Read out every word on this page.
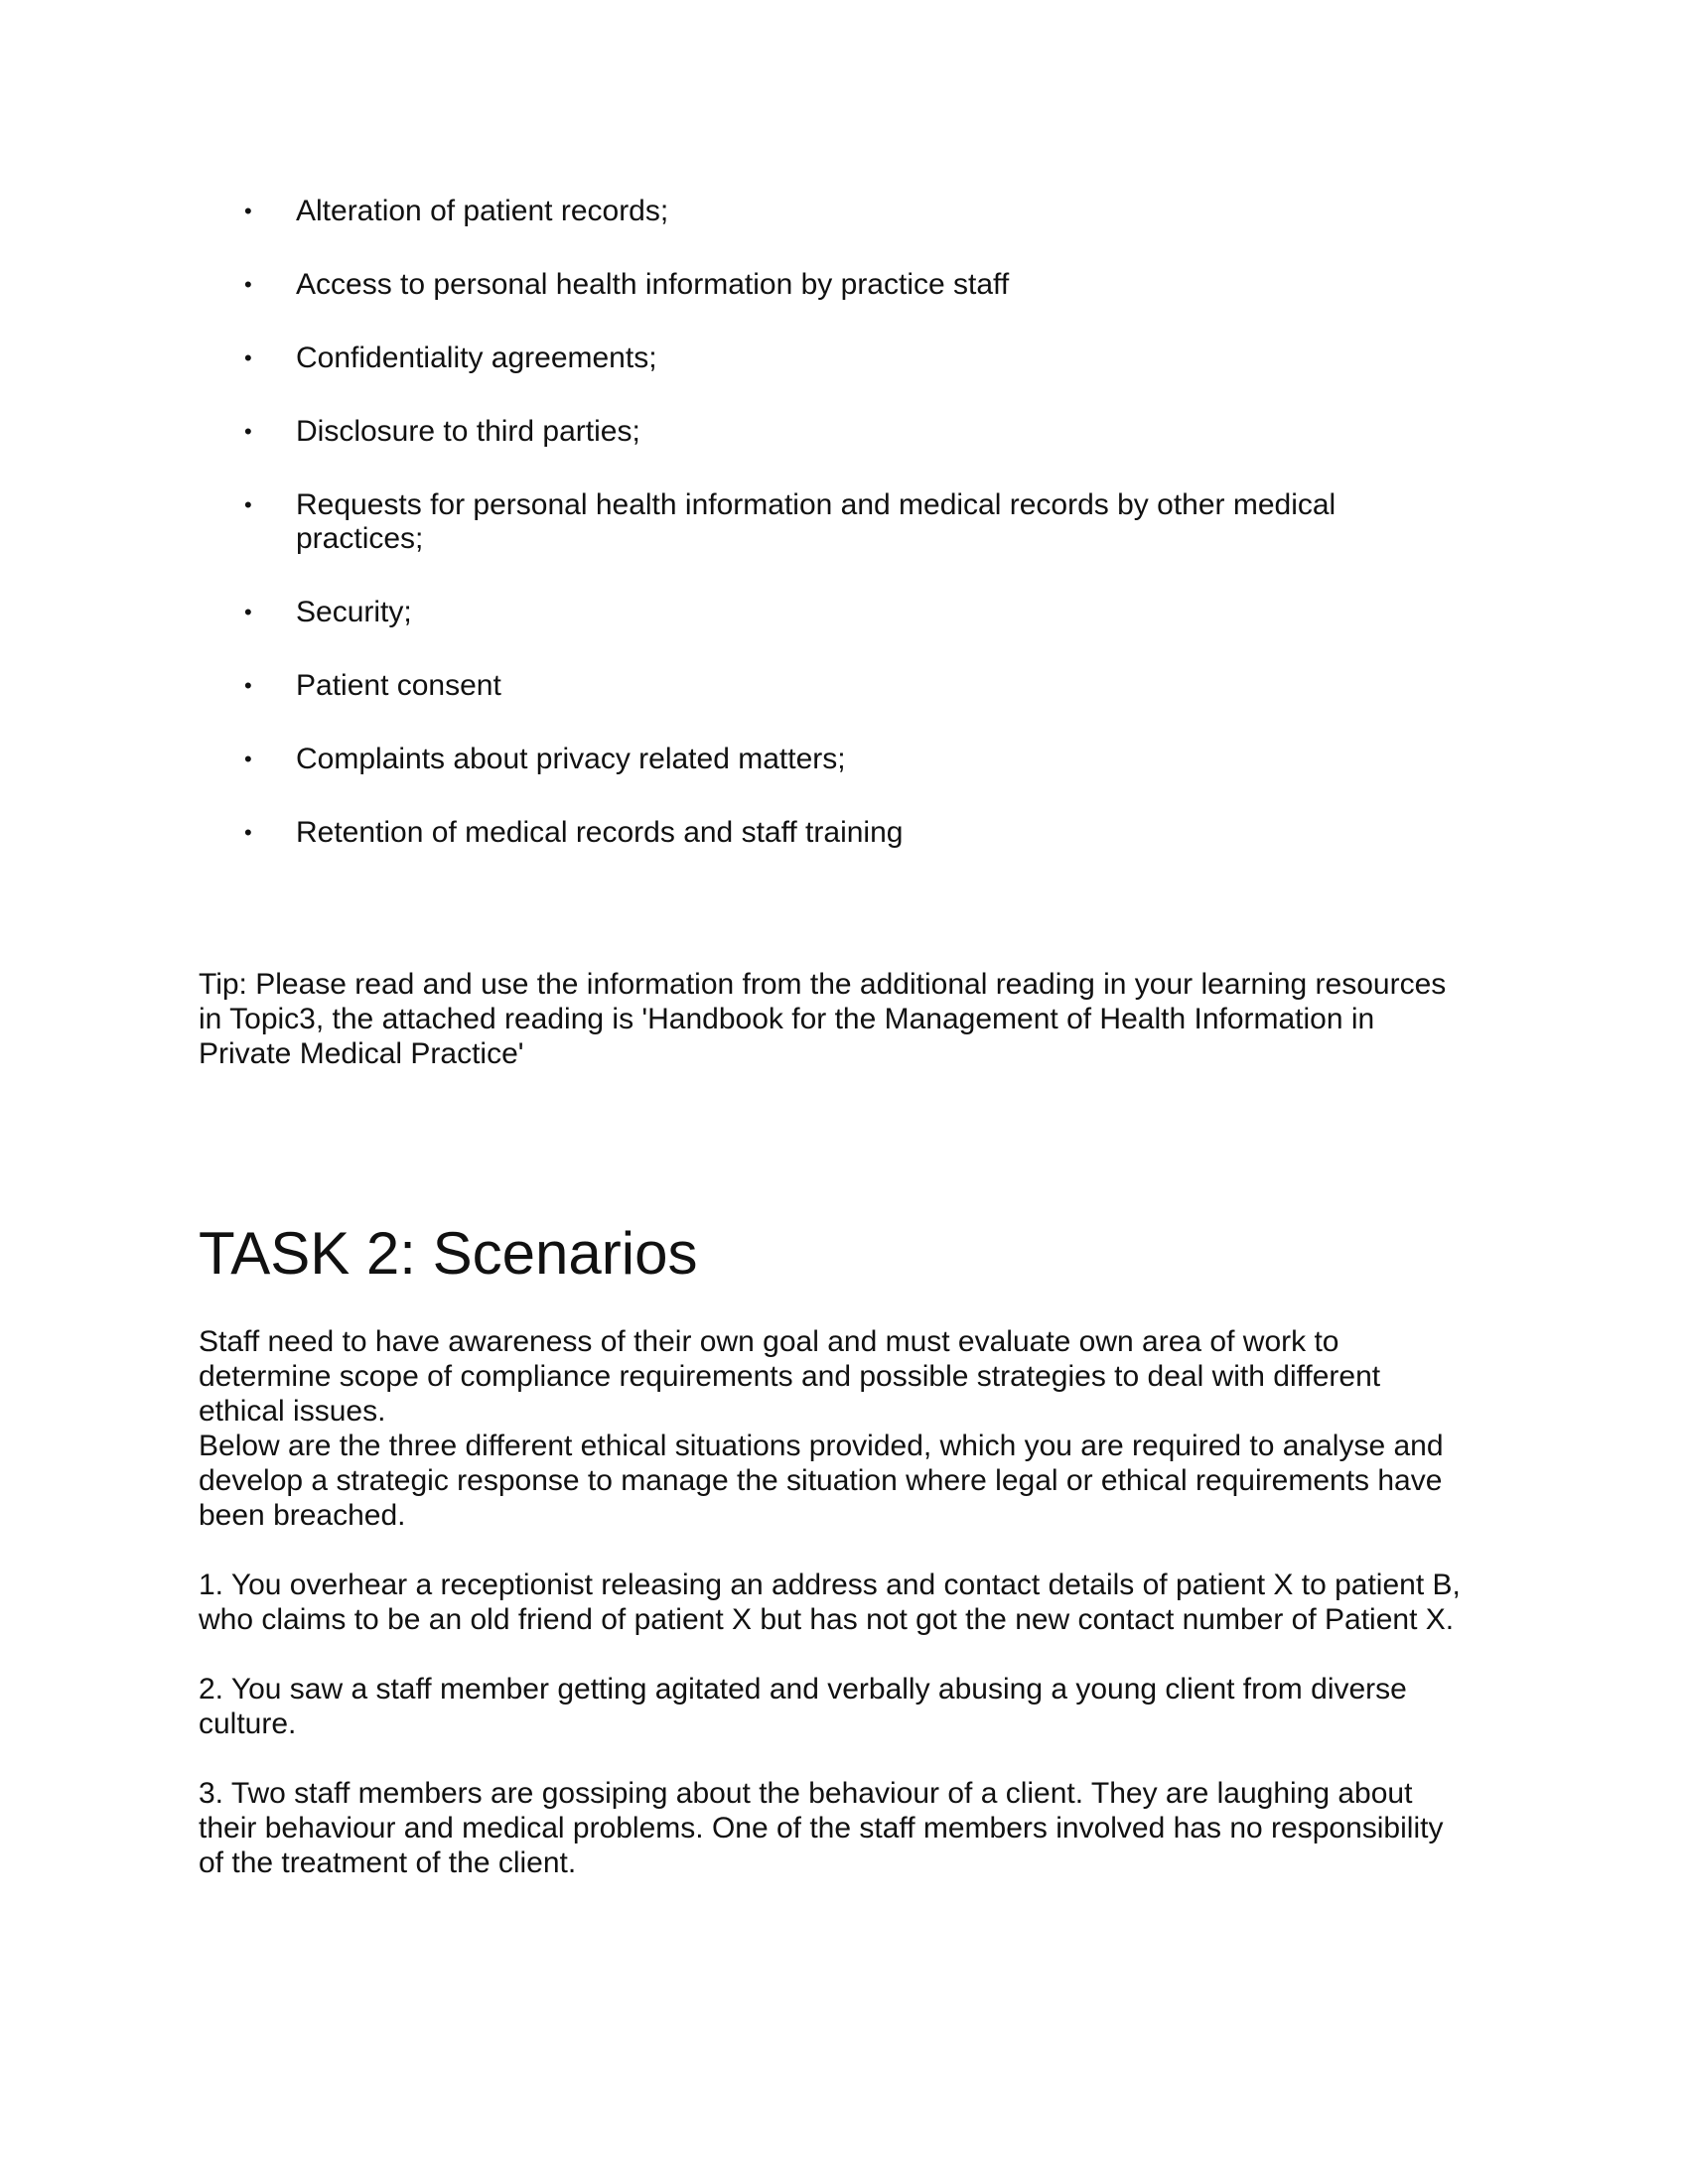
• Alteration of patient records;
• Access to personal health information by practice staff
• Confidentiality agreements;
• Disclosure to third parties;
• Requests for personal health information and medical records by other medical practices;
• Security;
• Patient consent
• Complaints about privacy related matters;
• Retention of medical records and staff training
Tip: Please read and use the information from the additional reading in your learning resources
in Topic3, the attached reading is 'Handbook for the Management of Health Information in
Private Medical Practice'
TASK 2: Scenarios
Staff need to have awareness of their own goal and must evaluate own area of work to
determine scope of compliance requirements and possible strategies to deal with different
ethical issues.
Below are the three different ethical situations provided, which you are required to analyse and
develop a strategic response to manage the situation where legal or ethical requirements have
been breached.
1. You overhear a receptionist releasing an address and contact details of patient X to patient B,
who claims to be an old friend of patient X but has not got the new contact number of Patient X.
2. You saw a staff member getting agitated and verbally abusing a young client from diverse
culture.
3. Two staff members are gossiping about the behaviour of a client. They are laughing about
their behaviour and medical problems. One of the staff members involved has no responsibility
of the treatment of the client.
